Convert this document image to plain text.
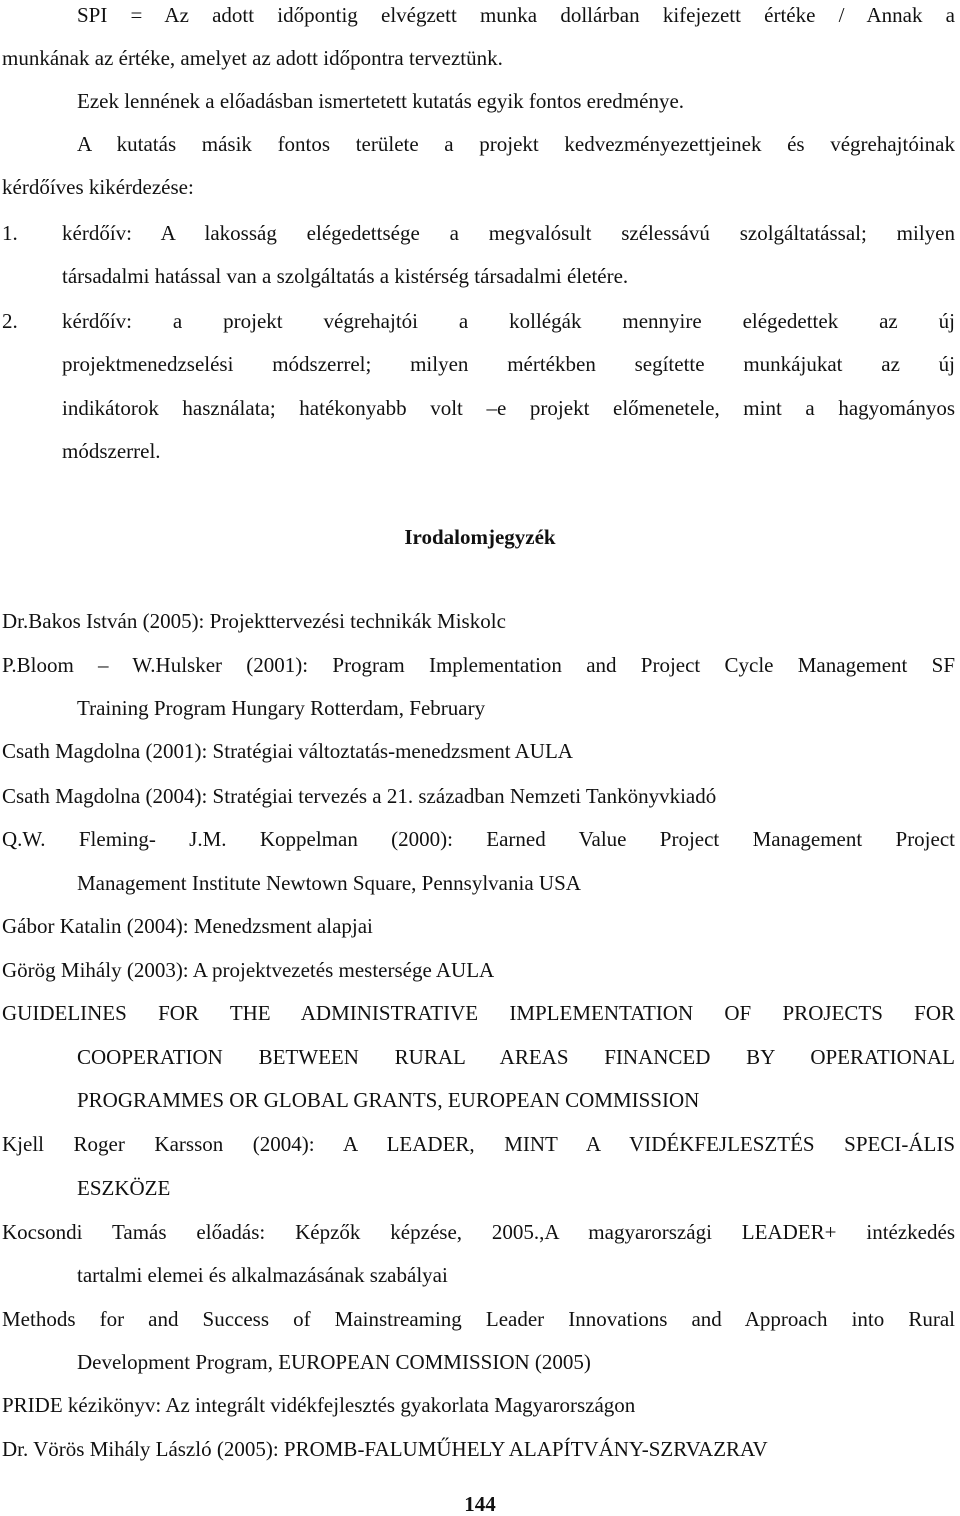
SPI = Az adott időpontig elvégzett munka dollárban kifejezett értéke / Annak a
munkának az értéke, amelyet az adott időpontra terveztünk.
Ezek lennének a előadásban ismertetett kutatás egyik fontos eredménye.
A kutatás másik fontos területe a projekt kedvezményezettjeinek és végrehajtóinak
kérdőíves kikérdezése:
1. kérdőív: A lakosság elégedettsége a megvalósult szélessávú szolgáltatással; milyen
társadalmi hatással van a szolgáltatás a kistérség társadalmi életére.
2. kérdőív: a projekt végrehajtói a kollégák mennyire elégedettek az új
projektmenedzselési módszerrel; milyen mértékben segítette munkájukat az új
indikátorok használata; hatékonyabb volt –e projekt előmenetele, mint a hagyományos
módszerrel.
Irodalomjegyzék
Dr.Bakos István (2005): Projekttervezési technikák Miskolc
P.Bloom – W.Hulsker (2001): Program Implementation and Project Cycle Management SF
Training Program Hungary Rotterdam, February
Csath Magdolna (2001): Stratégiai változtatás-menedzsment AULA
Csath Magdolna (2004): Stratégiai tervezés a 21. században Nemzeti Tankönyvkiadó
Q.W. Fleming- J.M. Koppelman (2000): Earned Value Project Management Project
Management Institute Newtown Square, Pennsylvania USA
Gábor Katalin (2004): Menedzsment alapjai
Görög Mihály (2003): A projektvezetés mestersége AULA
GUIDELINES FOR THE ADMINISTRATIVE IMPLEMENTATION OF PROJECTS FOR
COOPERATION BETWEEN RURAL AREAS FINANCED BY OPERATIONAL
PROGRAMMES OR GLOBAL GRANTS, EUROPEAN COMMISSION
Kjell Roger Karsson (2004): A LEADER, MINT A VIDÉKFEJLESZTÉS SPECI-ÁLIS
ESZKÖZE
Kocsondi Tamás előadás: Képzők képzése, 2005.,A magyarországi LEADER+ intézkedés
tartalmi elemei és alkalmazásának szabályai
Methods for and Success of Mainstreaming Leader Innovations and Approach into Rural
Development Program, EUROPEAN COMMISSION (2005)
PRIDE kézikönyv: Az integrált vidékfejlesztés gyakorlata Magyarországon
Dr. Vörös Mihály László (2005): PROMB-FALUMŰHELY ALAPÍTVÁNY-SZRVAZRAV
144
